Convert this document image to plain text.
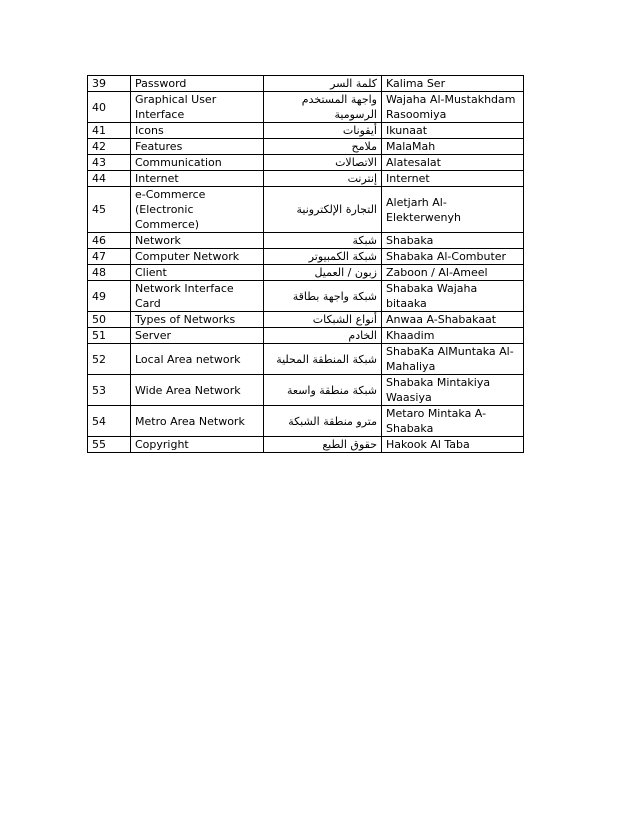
39	Password	كلمة السر	Kalima Ser
40	Graphical User Interface	واجهة المستخدم الرسومية	Wajaha Al-Mustakhdam Rasoomiya
41	Icons	أيقونات	Ikunaat
42	Features	ملامح	MalaMah
43	Communication	الاتصالات	Alatesalat
44	Internet	إنترنت	Internet
45	e-Commerce (Electronic Commerce)	التجارة الإلكترونية	Aletjarh Al-Elekterwenyh
46	Network	شبكة	Shabaka
47	Computer Network	شبكة الكمبيوتر	Shabaka Al-Combuter
48	Client	زبون / العميل	Zaboon / Al-Ameel
49	Network Interface Card	شبكة واجهة بطاقة	Shabaka Wajaha bitaaka
50	Types of Networks	أنواع الشبكات	Anwaa A-Shabakaat
51	Server	الخادم	Khaadim
52	Local Area network	شبكة المنطقة المحلية	ShabaKa AlMuntaka Al-Mahaliya
53	Wide Area Network	شبكة منطقة واسعة	Shabaka Mintakiya Waasiya
54	Metro Area Network	مترو منطقة الشبكة	Metaro Mintaka A-Shabaka
55	Copyright	حقوق الطبع	Hakook Al Taba
